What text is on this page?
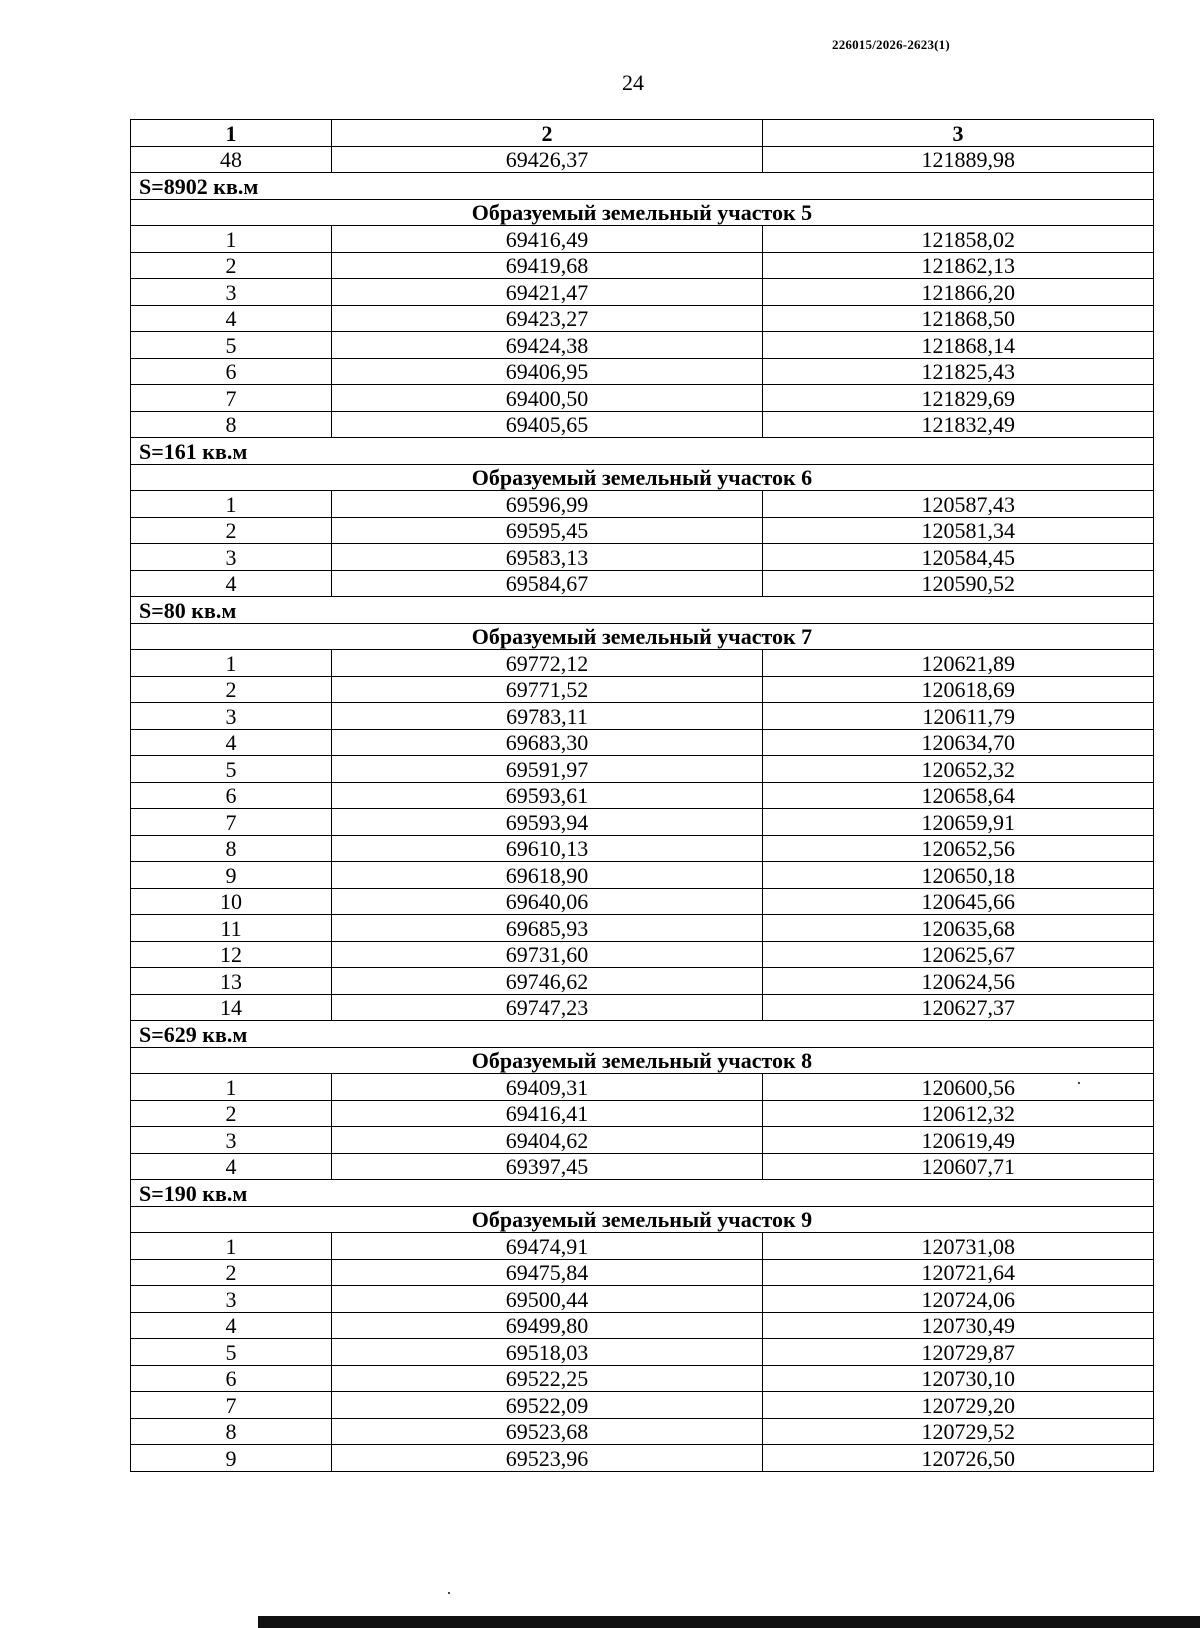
226015/2026-2623(1)
24
1	2	3
48	69426,37	121889,98
S=8902 кв.м		
Образуемый земельный участок 5		
1	69416,49	121858,02
2	69419,68	121862,13
3	69421,47	121866,20
4	69423,27	121868,50
5	69424,38	121868,14
6	69406,95	121825,43
7	69400,50	121829,69
8	69405,65	121832,49
S=161 кв.м		
Образуемый земельный участок 6		
1	69596,99	120587,43
2	69595,45	120581,34
3	69583,13	120584,45
4	69584,67	120590,52
S=80 кв.м		
Образуемый земельный участок 7		
1	69772,12	120621,89
2	69771,52	120618,69
3	69783,11	120611,79
4	69683,30	120634,70
5	69591,97	120652,32
6	69593,61	120658,64
7	69593,94	120659,91
8	69610,13	120652,56
9	69618,90	120650,18
10	69640,06	120645,66
11	69685,93	120635,68
12	69731,60	120625,67
13	69746,62	120624,56
14	69747,23	120627,37
S=629 кв.м		
Образуемый земельный участок 8		
1	69409,31	120600,56
2	69416,41	120612,32
3	69404,62	120619,49
4	69397,45	120607,71
S=190 кв.м		
Образуемый земельный участок 9		
1	69474,91	120731,08
2	69475,84	120721,64
3	69500,44	120724,06
4	69499,80	120730,49
5	69518,03	120729,87
6	69522,25	120730,10
7	69522,09	120729,20
8	69523,68	120729,52
9	69523,96	120726,50
